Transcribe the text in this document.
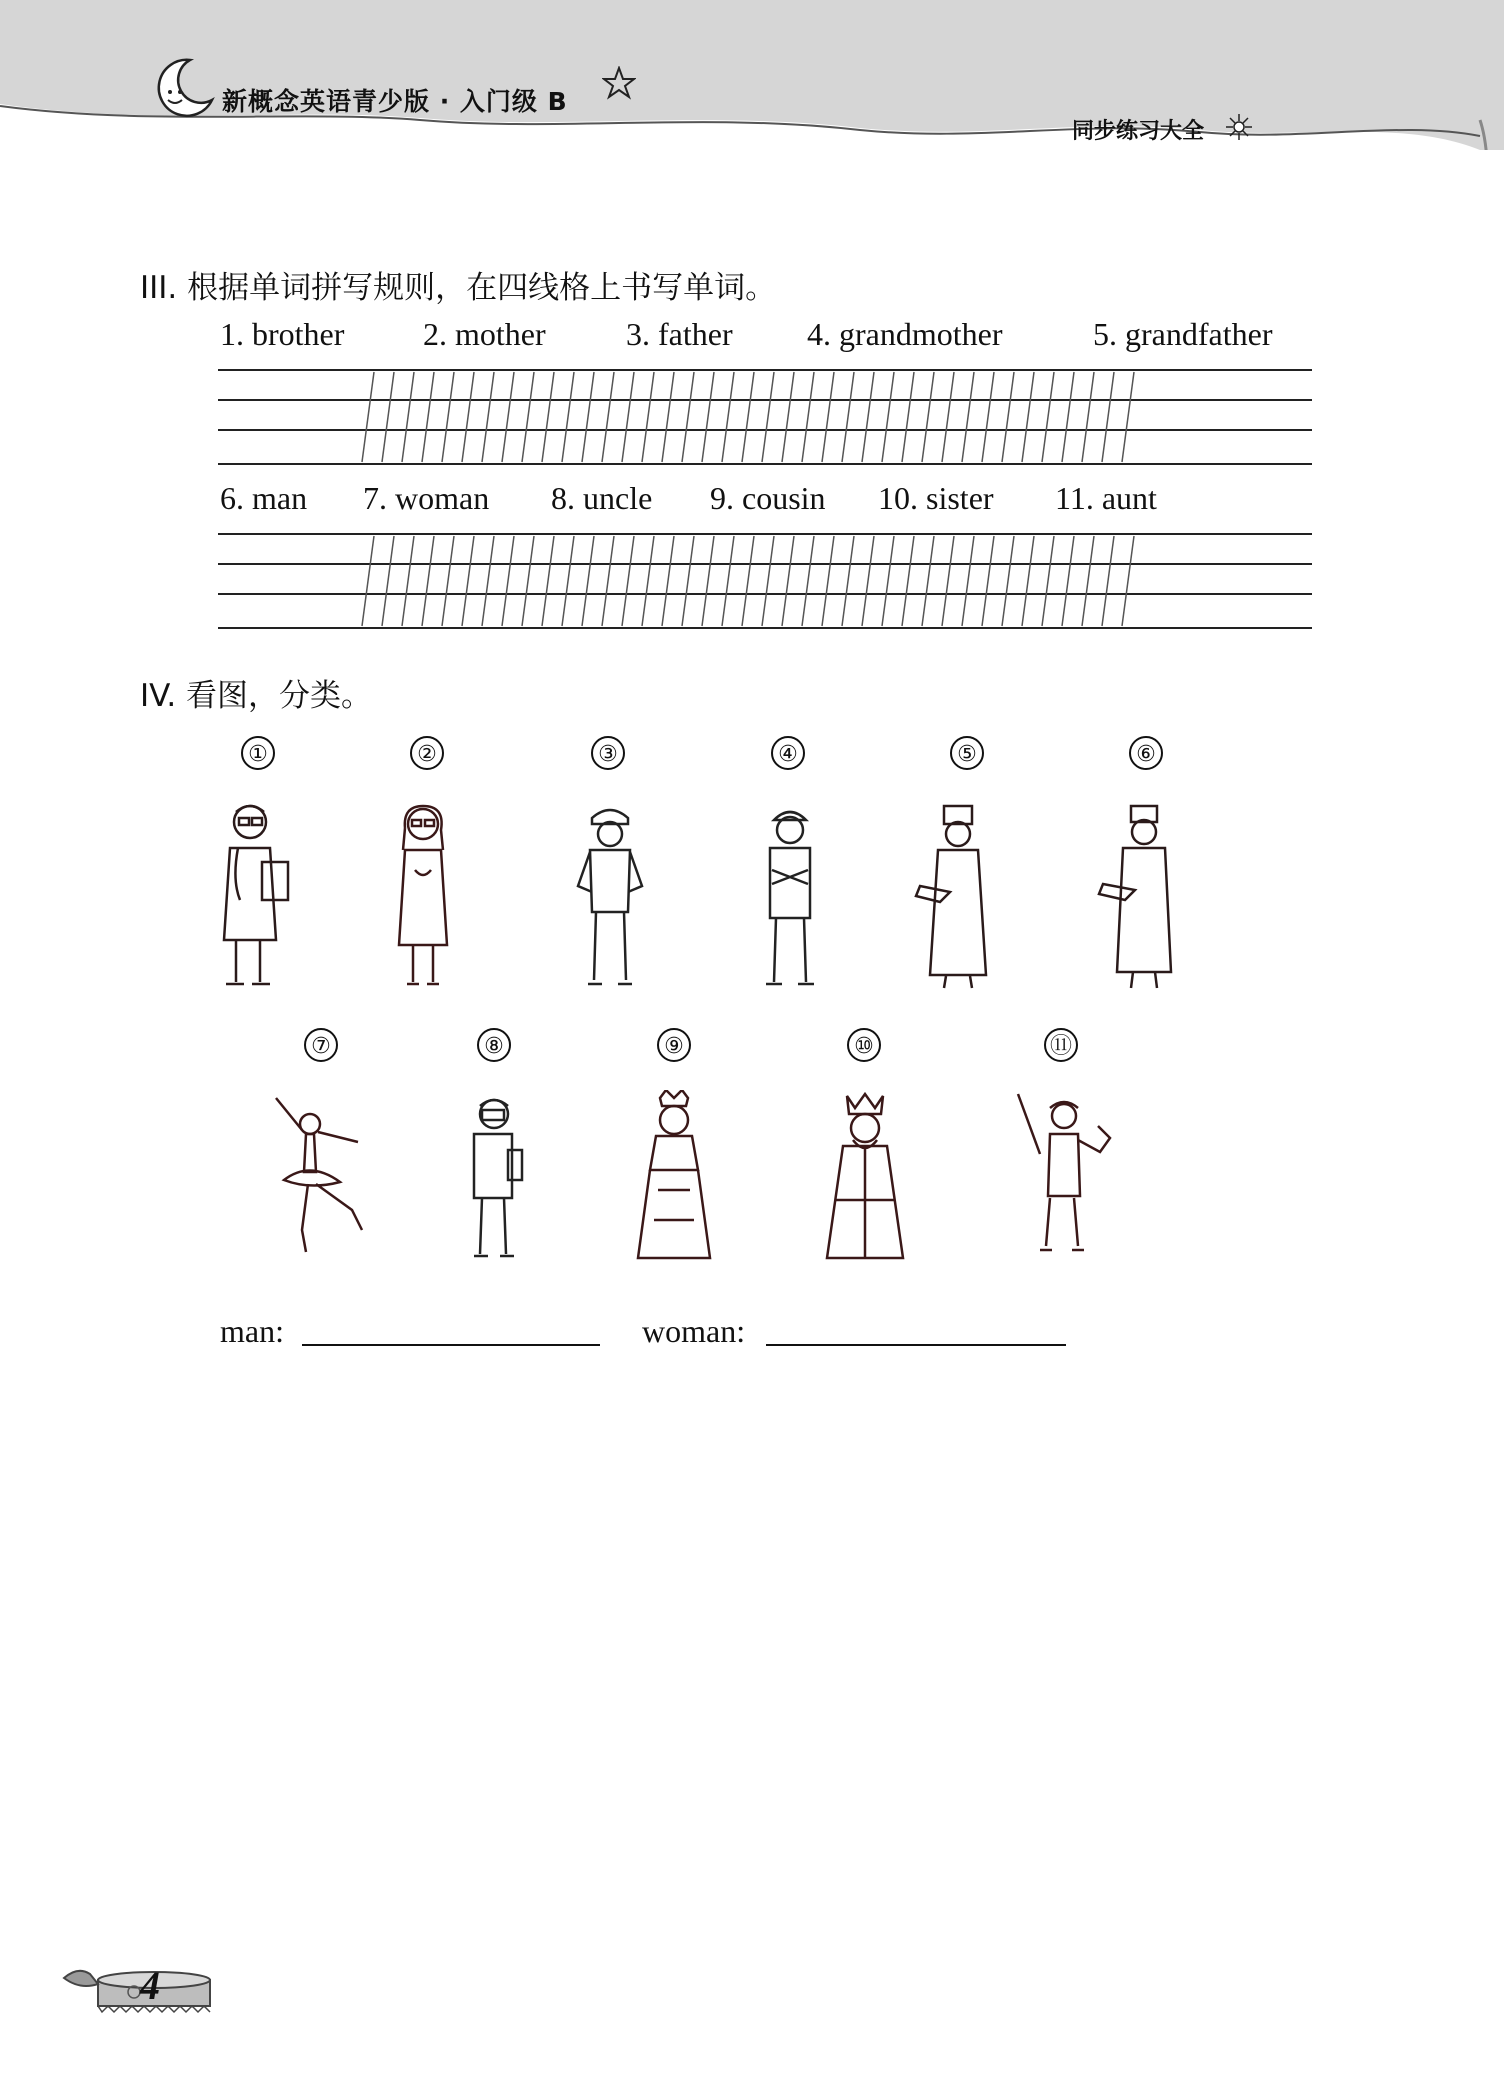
新概念英语青少版 · 入门级 B
同步练习大全
III. 根据单词拼写规则，在四线格上书写单词。
1. brother 2. mother	3. father 4. grandmother	5. grandfather
6. man 7. woman 8. uncle 9. cousin 10. sister 11. aunt
IV. 看图，分类。
①	②	③	④	⑤	⑥
⑦	⑧	⑨	⑩	⑪
man:	woman:
4
